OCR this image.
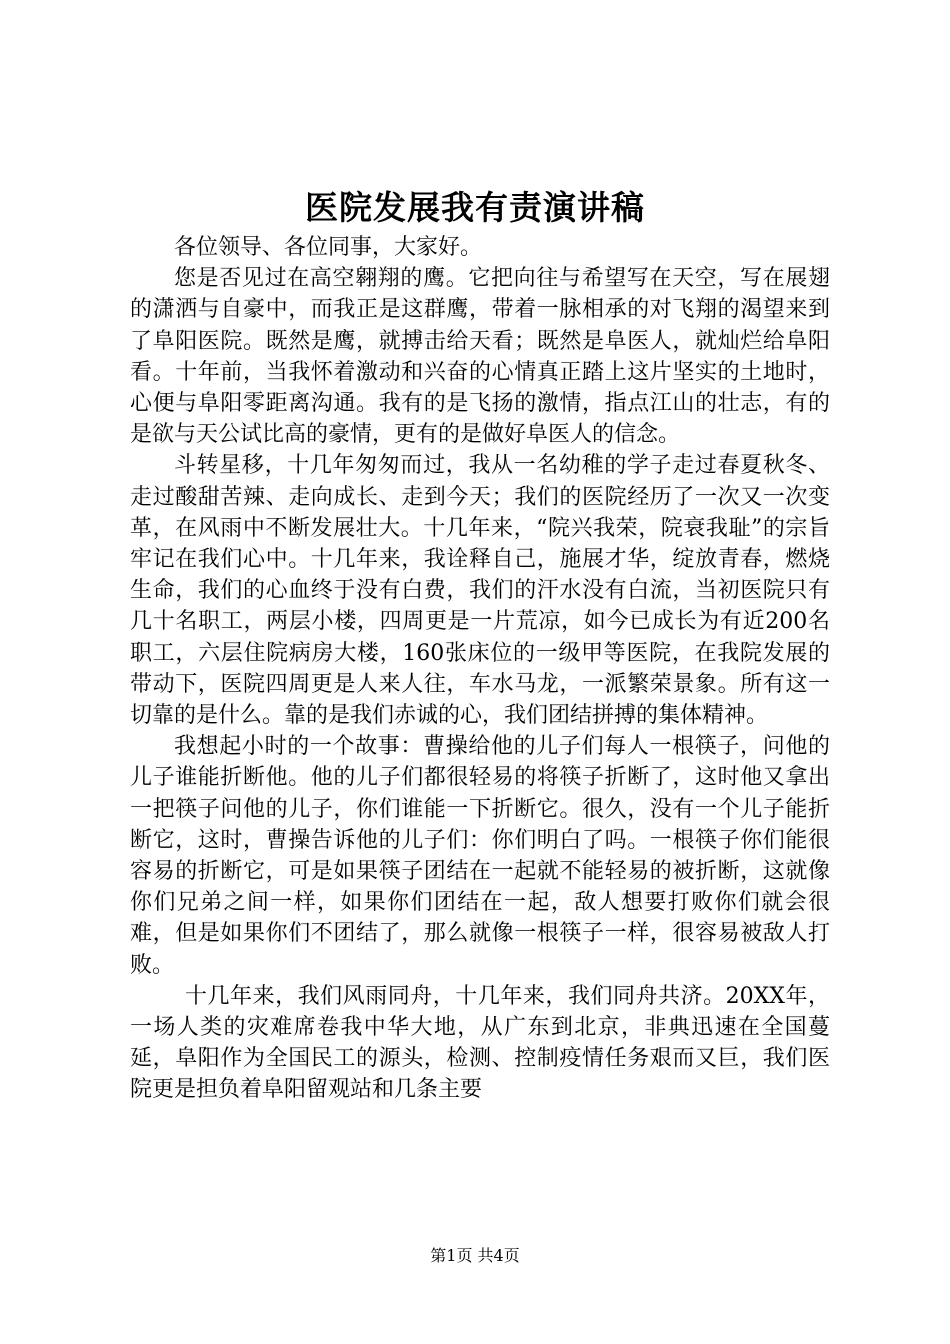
医院发展我有责演讲稿

各位领导、各位同事，大家好。

您是否见过在高空翱翔的鹰。它把向往与希望写在天空，写在展翅的潇洒与自豪中，而我正是这群鹰，带着一脉相承的对飞翔的渴望来到了阜阳医院。既然是鹰，就搏击给天看；既然是阜医人，就灿烂给阜阳看。十年前，当我怀着激动和兴奋的心情真正踏上这片坚实的土地时，心便与阜阳零距离沟通。我有的是飞扬的激情，指点江山的壮志，有的是欲与天公试比高的豪情，更有的是做好阜医人的信念。

斗转星移，十几年匆匆而过，我从一名幼稚的学子走过春夏秋冬、走过酸甜苦辣、走向成长、走到今天；我们的医院经历了一次又一次变革，在风雨中不断发展壮大。十几年来，“院兴我荣，院衰我耻”的宗旨牢记在我们心中。十几年来，我诠释自己，施展才华，绽放青春，燃烧生命，我们的心血终于没有白费，我们的汗水没有白流，当初医院只有几十名职工，两层小楼，四周更是一片荒凉，如今已成长为有近200名职工，六层住院病房大楼，160张床位的一级甲等医院，在我院发展的带动下，医院四周更是人来人往，车水马龙，一派繁荣景象。所有这一切靠的是什么。靠的是我们赤诚的心，我们团结拼搏的集体精神。

我想起小时的一个故事：曹操给他的儿子们每人一根筷子，问他的儿子谁能折断他。他的儿子们都很轻易的将筷子折断了，这时他又拿出一把筷子问他的儿子，你们谁能一下折断它。很久，没有一个儿子能折断它，这时，曹操告诉他的儿子们：你们明白了吗。一根筷子你们能很容易的折断它，可是如果筷子团结在一起就不能轻易的被折断，这就像你们兄弟之间一样，如果你们团结在一起，敌人想要打败你们就会很难，但是如果你们不团结了，那么就像一根筷子一样，很容易被敌人打败。

十几年来，我们风雨同舟，十几年来，我们同舟共济。20XX年，一场人类的灾难席卷我中华大地，从广东到北京，非典迅速在全国蔓延，阜阳作为全国民工的源头，检测、控制疫情任务艰而又巨，我们医院更是担负着阜阳留观站和几条主要

第1页 共4页
